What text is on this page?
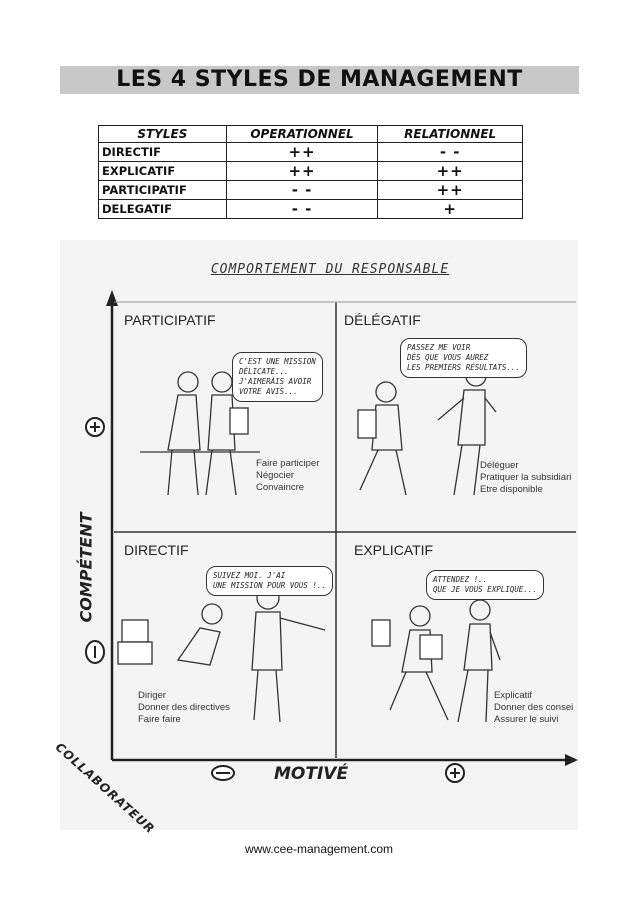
LES 4 STYLES DE MANAGEMENT
STYLES	OPERATIONNEL	RELATIONNEL
DIRECTIF	++	- -
EXPLICATIF	++	++
PARTICIPATIF	- -	++
DELEGATIF	- -	+
COMPORTEMENT DU RESPONSABLE
PARTICIPATIF	DÉLÉGATIF
DIRECTIF	EXPLICATIF
C'EST UNE MISSION
DÉLICATE...
J'AIMERAIS AVOIR
VOTRE AVIS...
PASSEZ ME VOIR
DÈS QUE VOUS AUREZ
LES PREMIERS RÉSULTATS...
SUIVEZ MOI. J'AI
UNE MISSION POUR VOUS !..
ATTENDEZ !..
QUE JE VOUS EXPLIQUE...
Faire participer
Négocier
Convaincre
Déléguer
Pratiquer la subsidiari
Etre disponible
Diriger
Donner des directives
Faire faire
Explicatif
Donner des consei
Assurer le suivi
COMPÉTENT
MOTIVÉ
COLLABORATEUR
www.cee-management.com
